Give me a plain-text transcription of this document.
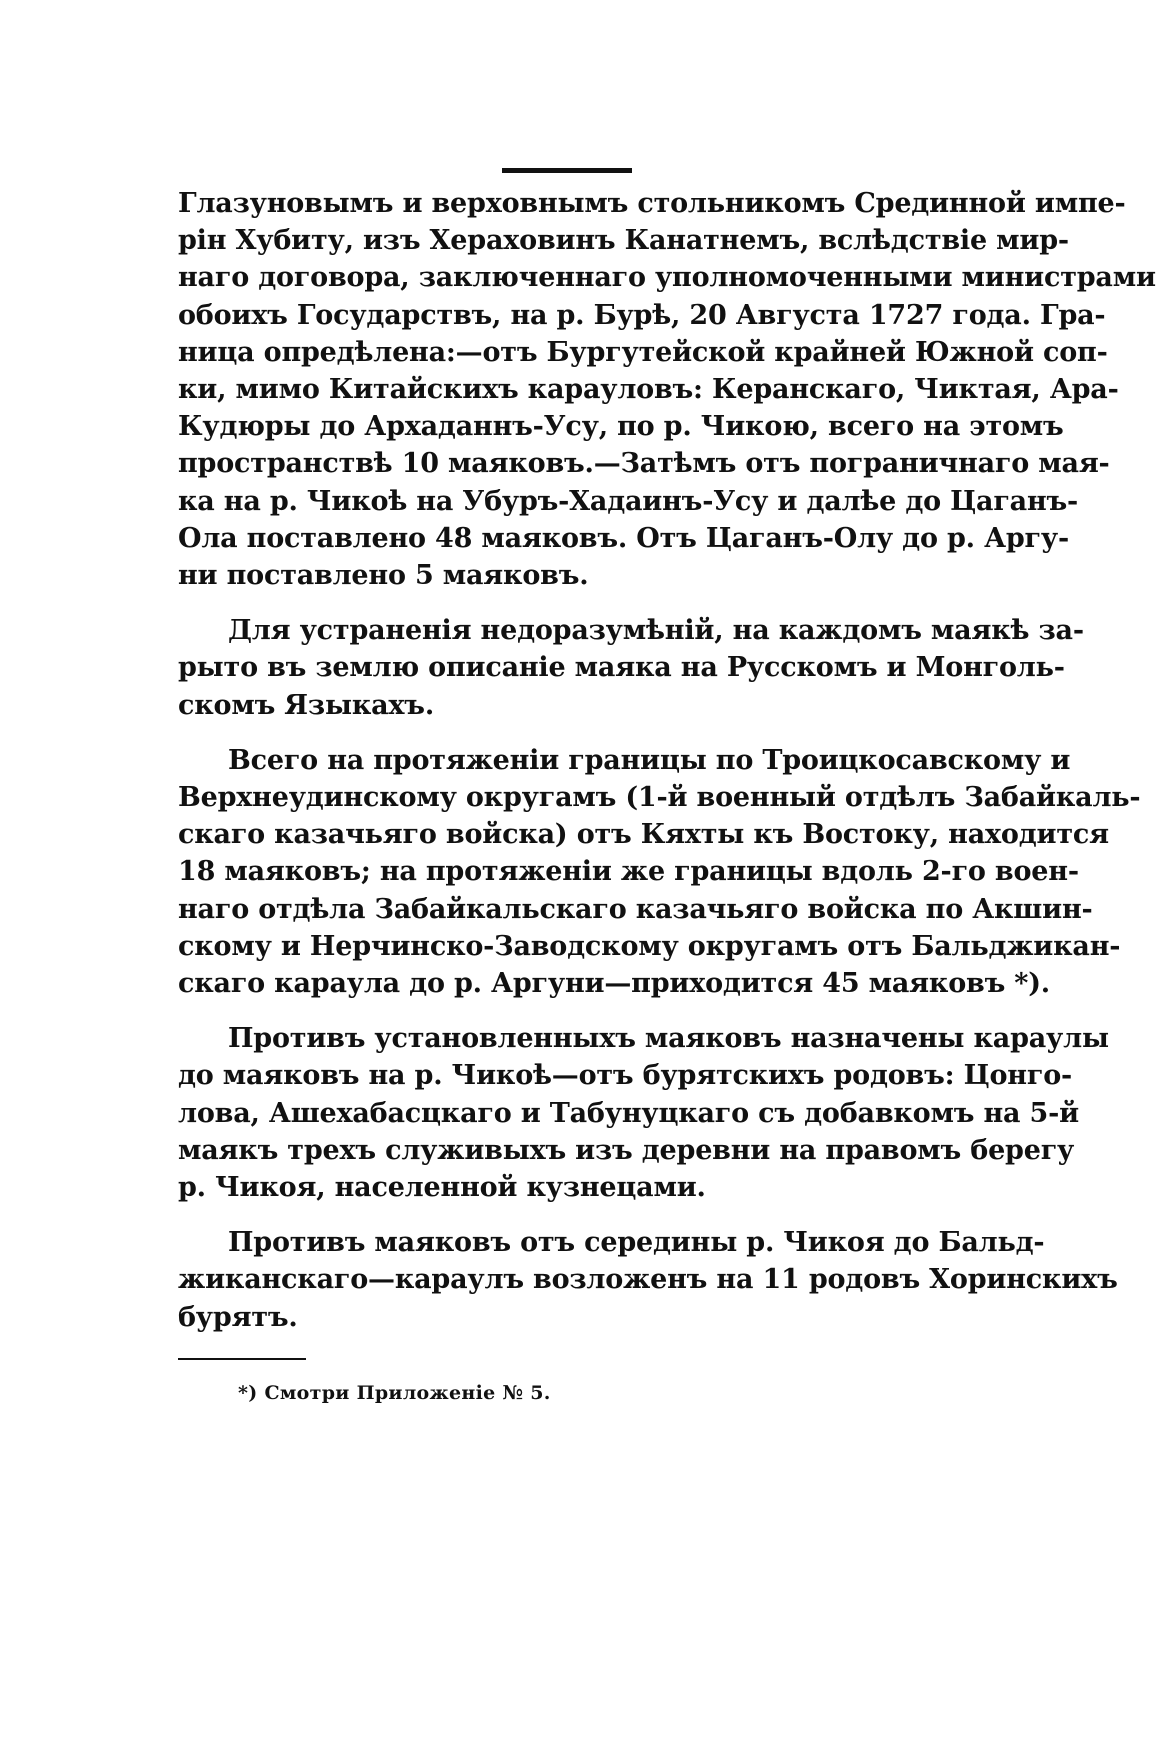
Глазуновымъ и верховнымъ стольникомъ Срединной импе-
рін Хубиту, изъ Хераховинъ Канатнемъ, вслѣдствіе мир-
наго договора, заключеннаго уполномоченными министрами
обоихъ Государствъ, на р. Бурѣ, 20 Августа 1727 года. Гра-
ница опредѣлена:—отъ Бургутейской крайней Южной соп-
ки, мимо Китайскихъ карауловъ: Керанскаго, Чиктая, Ара-
Кудюры до Архаданнъ-Усу, по р. Чикою, всего на этомъ
пространствѣ 10 маяковъ.—Затѣмъ отъ пограничнаго мая-
ка на р. Чикоѣ на Убуръ-Хадаинъ-Усу и далѣе до Цаганъ-
Ола поставлено 48 маяковъ. Отъ Цаганъ-Олу до р. Аргу-
ни поставлено 5 маяковъ.

Для устраненія недоразумѣній, на каждомъ маякѣ за-
рыто въ землю описаніе маяка на Русскомъ и Монголь-
скомъ Языкахъ.

Всего на протяженіи границы по Троицкосавскому и
Верхнеудинскому округамъ (1-й военный отдѣлъ Забайкаль-
скаго казачьяго войска) отъ Кяхты къ Востоку, находится
18 маяковъ; на протяженіи же границы вдоль 2-го воен-
наго отдѣла Забайкальскаго казачьяго войска по Акшин-
скому и Нерчинско-Заводскому округамъ отъ Бальджикан-
скаго караула до р. Аргуни—приходится 45 маяковъ *).

Противъ установленныхъ маяковъ назначены караулы
до маяковъ на р. Чикоѣ—отъ бурятскихъ родовъ: Цонго-
лова, Ашехабасцкаго и Табунуцкаго съ добавкомъ на 5-й
маякъ трехъ служивыхъ изъ деревни на правомъ берегу
р. Чикоя, населенной кузнецами.

Противъ маяковъ отъ середины р. Чикоя до Бальд-
жиканскаго—караулъ возложенъ на 11 родовъ Хоринскихъ
бурятъ.

*) Смотри Приложеніе № 5.
